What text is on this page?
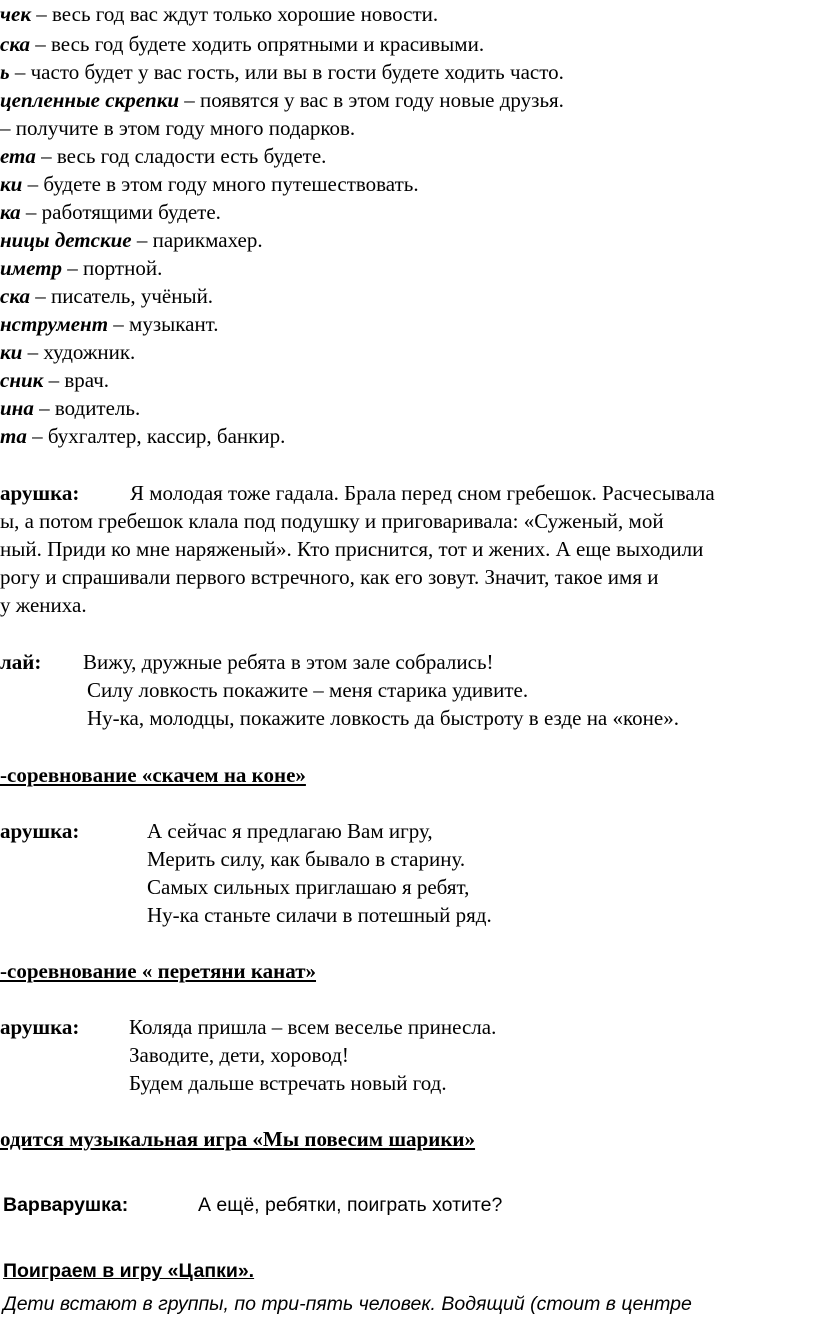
чек – весь год вас ждут только хорошие новости.
ска – весь год будете ходить опрятными и красивыми.
ь – часто будет у вас гость, или вы в гости будете ходить часто.
цепленные скрепки – появятся у вас в этом году новые друзья.
– получите в этом году много подарков.
ета – весь год сладости есть будете.
ки – будете в этом году много путешествовать.
ка – работящими будете.
ницы детские – парикмахер.
иметр – портной.
ска – писатель, учёный.
нструмент – музыкант.
ки – художник.
сник – врач.
ина – водитель.
та – бухгалтер, кассир, банкир.
арушка: Я молодая тоже гадала. Брала перед сном гребешок. Расчесывала
ы, а потом гребешок клала под подушку и приговаривала: «Суженый, мой
ный. Приди ко мне наряженый». Кто приснится, тот и жених. А еще выходили
рогу и спрашивали первого встречного, как его зовут. Значит, такое имя и
у жениха.
лай: Вижу, дружные ребята в этом зале собрались!
Силу ловкость покажите – меня старика удивите.
Ну-ка, молодцы, покажите ловкость да быстроту в езде на «коне».
-соревнование «скачем на коне»
арушка:	А сейчас я предлагаю Вам игру,
Мерить силу, как бывало в старину.
Самых сильных приглашаю я ребят,
Ну-ка станьте силачи в потешный ряд.
-соревнование « перетяни канат»
арушка: Коляда пришла – всем веселье принесла.
Заводите, дети, хоровод!
Будем дальше встречать новый год.
одится музыкальная игра «Мы повесим шарики»
Варварушка:	А ещё, ребятки, поиграть хотите?
Поиграем в игру «Цапки».
Дети встают в группы, по три-пять человек. Водящий (стоит в центре
